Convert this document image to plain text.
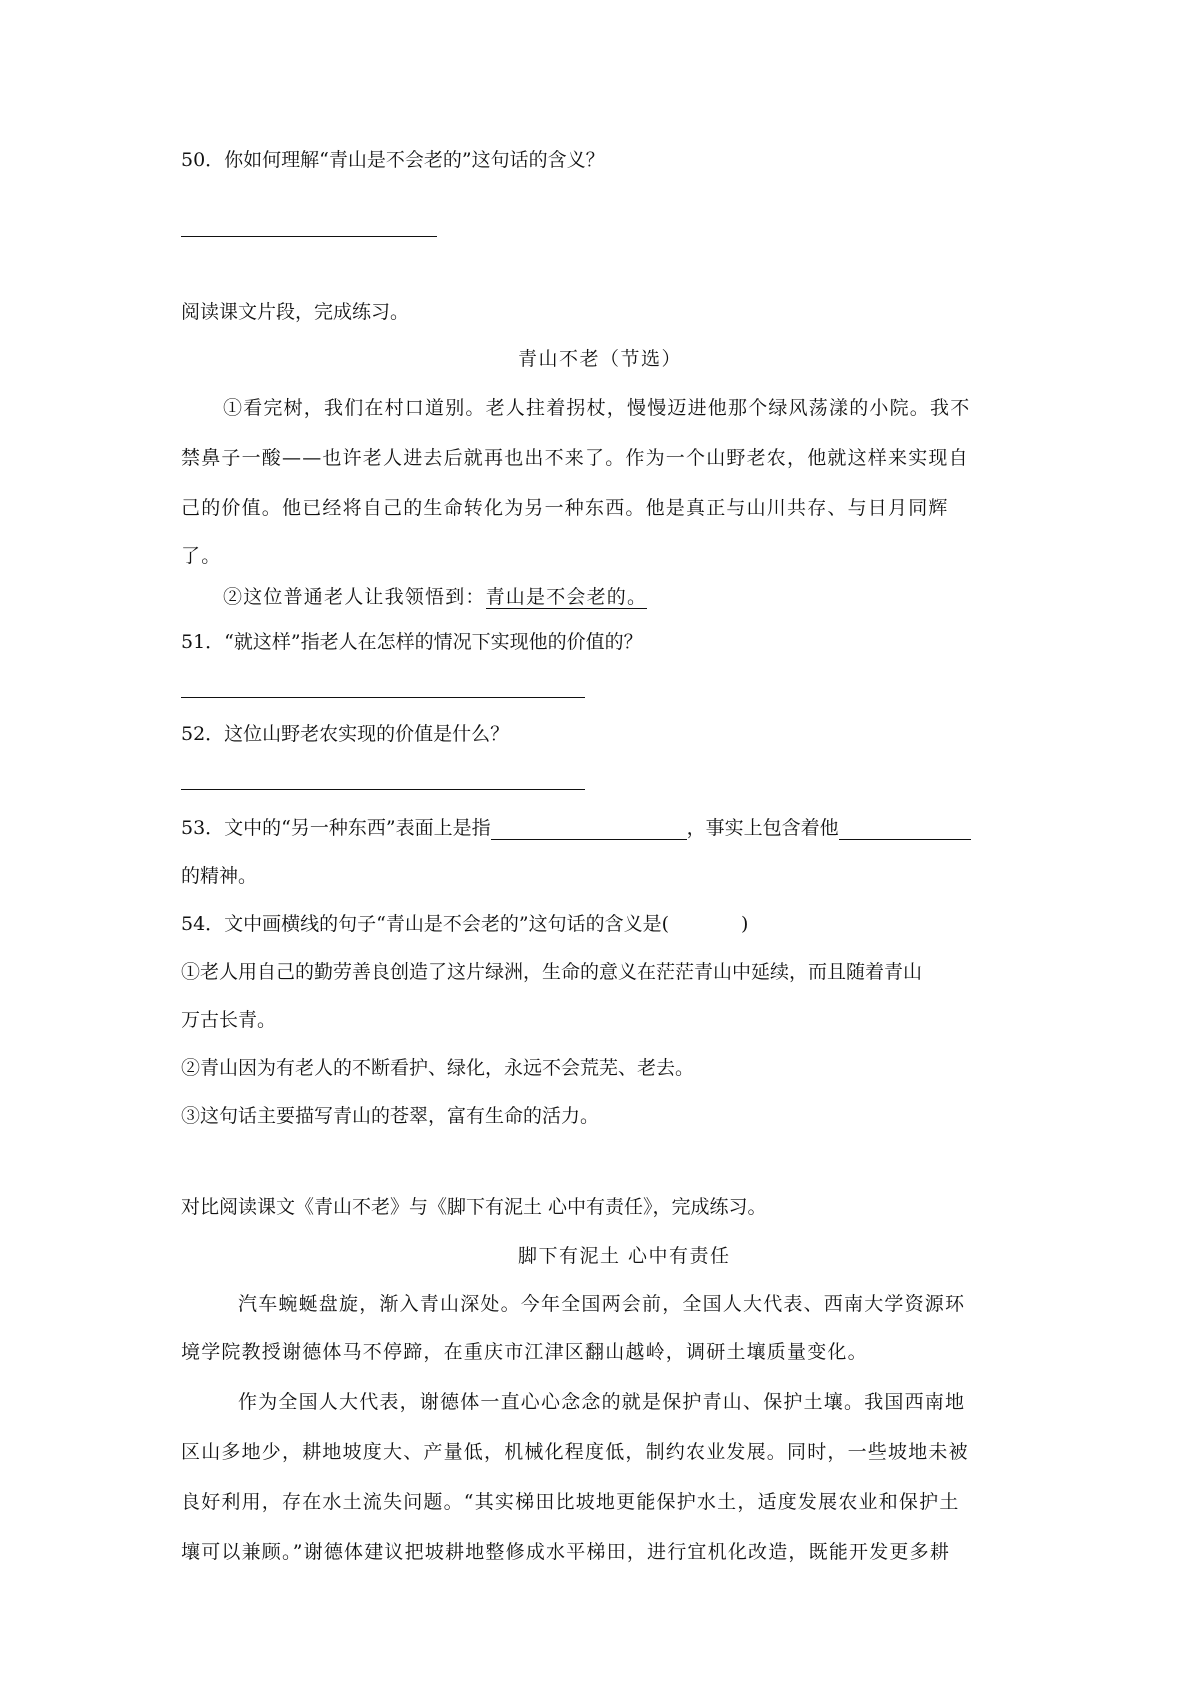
50．你如何理解“青山是不会老的”这句话的含义？
阅读课文片段，完成练习。
青山不老（节选）
①看完树，我们在村口道别。老人拄着拐杖，慢慢迈进他那个绿风荡漾的小院。我不
禁鼻子一酸——也许老人进去后就再也出不来了。作为一个山野老农，他就这样来实现自
己的价值。他已经将自己的生命转化为另一种东西。他是真正与山川共存、与日月同辉
了。
②这位普通老人让我领悟到：青山是不会老的。
51．“就这样”指老人在怎样的情况下实现他的价值的？
52．这位山野老农实现的价值是什么？
53．文中的“另一种东西”表面上是指	，事实上包含着他
的精神。
54．文中画横线的句子“青山是不会老的”这句话的含义是(	)
①老人用自己的勤劳善良创造了这片绿洲，生命的意义在茫茫青山中延续，而且随着青山
万古长青。
②青山因为有老人的不断看护、绿化，永远不会荒芜、老去。
③这句话主要描写青山的苍翠，富有生命的活力。
对比阅读课文《青山不老》与《脚下有泥土 心中有责任》，完成练习。
脚下有泥土 心中有责任
汽车蜿蜒盘旋，渐入青山深处。今年全国两会前，全国人大代表、西南大学资源环
境学院教授谢德体马不停蹄，在重庆市江津区翻山越岭，调研土壤质量变化。
作为全国人大代表，谢德体一直心心念念的就是保护青山、保护土壤。我国西南地
区山多地少，耕地坡度大、产量低，机械化程度低，制约农业发展。同时，一些坡地未被
良好利用，存在水土流失问题。“其实梯田比坡地更能保护水土，适度发展农业和保护土
壤可以兼顾。”谢德体建议把坡耕地整修成水平梯田，进行宜机化改造，既能开发更多耕
